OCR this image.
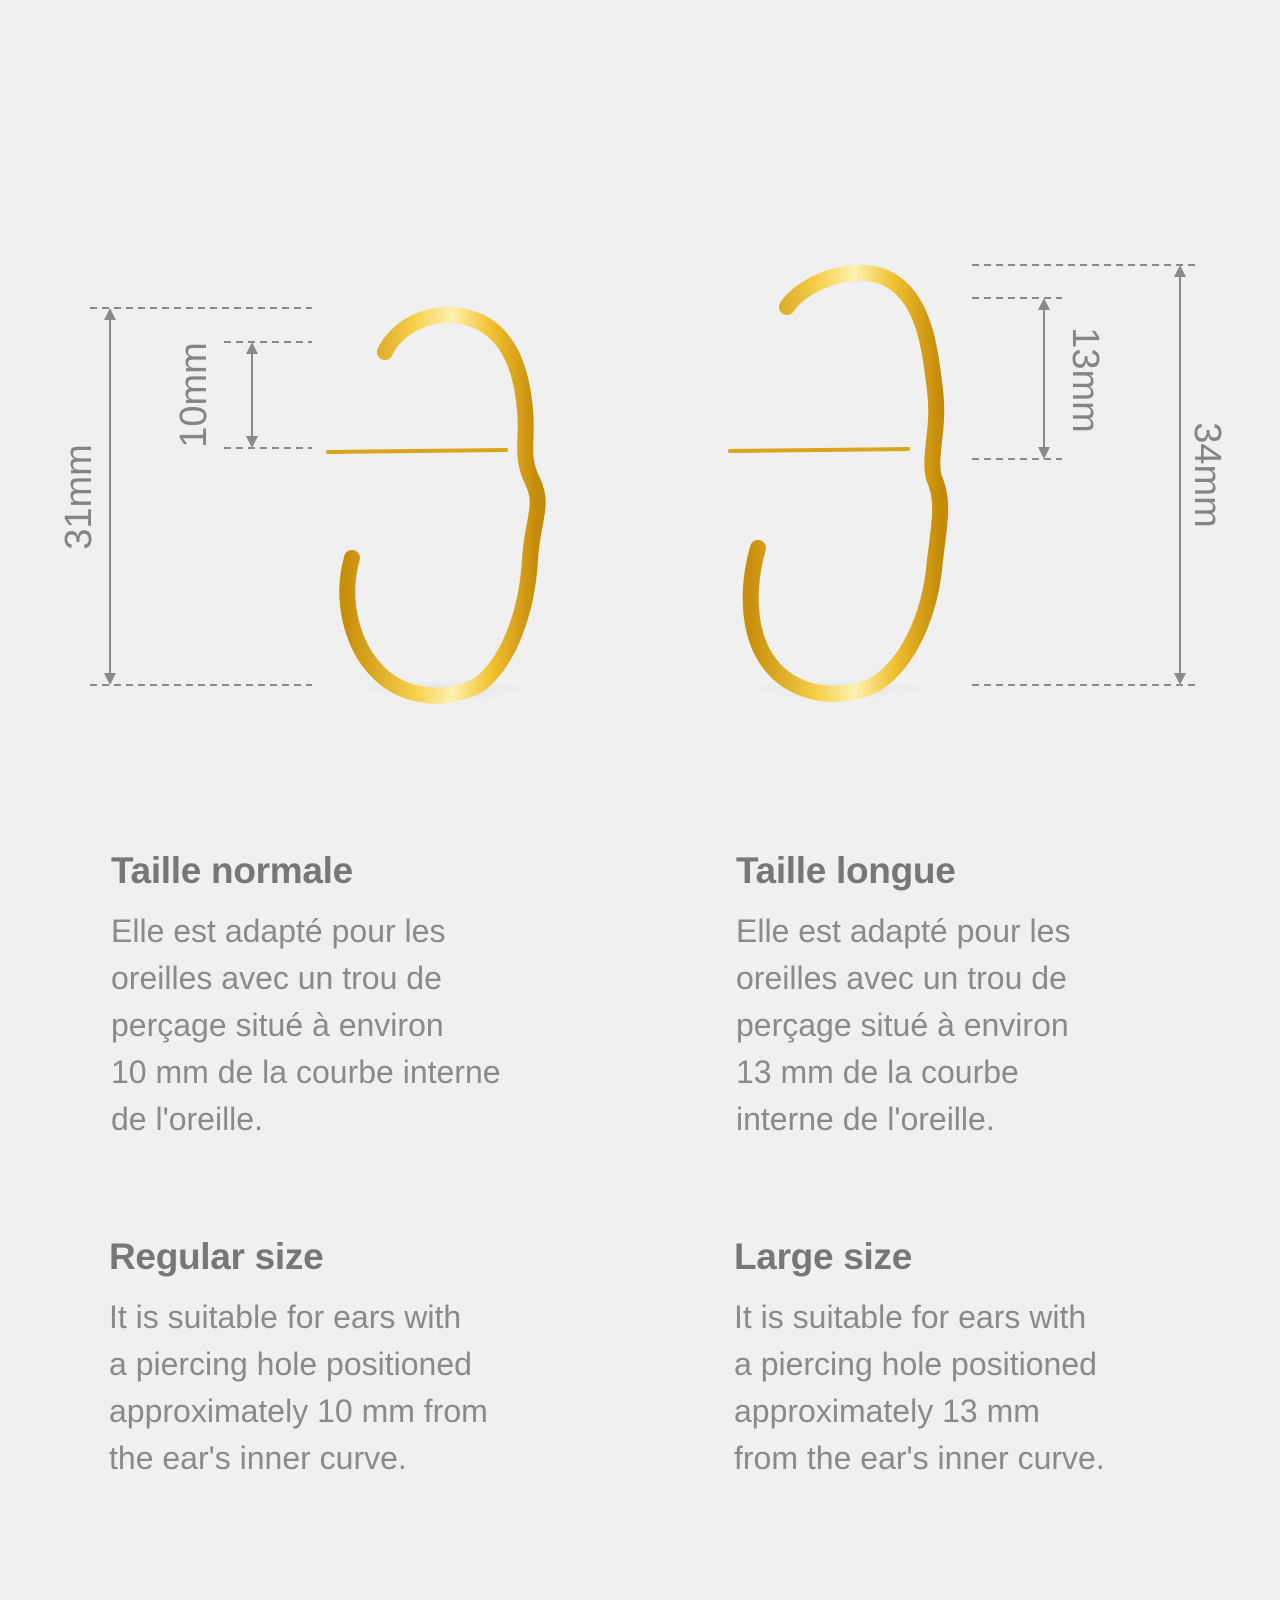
31mm
10mm
34mm
13mm
Taille normale

Elle est adapté pour les
oreilles avec un trou de
perçage situé à environ
10 mm de la courbe interne
de l'oreille.

Taille longue

Elle est adapté pour les
oreilles avec un trou de
perçage situé à environ
13 mm de la courbe
interne de l'oreille.

Regular size

It is suitable for ears with
a piercing hole positioned
approximately 10 mm from
the ear's inner curve.

Large size

It is suitable for ears with
a piercing hole positioned
approximately 13 mm
from the ear's inner curve.
